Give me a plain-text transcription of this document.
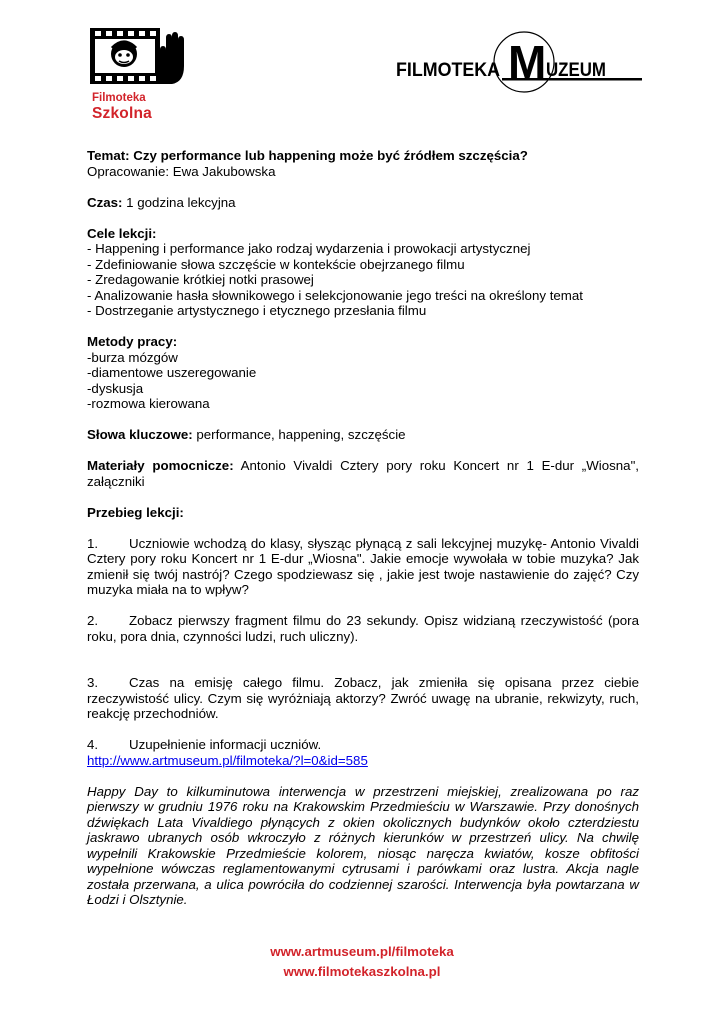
Filmoteka
Szkolna
M
FILMOTEKA UZEUM

Temat: Czy performance lub happening może być źródłem szczęścia?

Opracowanie: Ewa Jakubowska

Czas: 1 godzina lekcyjna

Cele lekcji:

- Happening i performance jako rodzaj wydarzenia i prowokacji artystycznej

- Zdefiniowanie słowa szczęście w kontekście obejrzanego filmu

- Zredagowanie krótkiej notki prasowej

- Analizowanie hasła słownikowego i selekcjonowanie jego treści na określony temat

- Dostrzeganie artystycznego i etycznego przesłania filmu

Metody pracy:

-burza mózgów

-diamentowe uszeregowanie

-dyskusja

-rozmowa kierowana

Słowa kluczowe: performance, happening, szczęście

Materiały pomocnicze: Antonio Vivaldi Cztery pory roku Koncert nr 1 E-dur „Wiosna", załączniki

Przebieg lekcji:

1. Uczniowie wchodzą do klasy, słysząc płynącą z sali lekcyjnej muzykę- Antonio Vivaldi Cztery pory roku Koncert nr 1 E-dur „Wiosna". Jakie emocje wywołała w tobie muzyka? Jak zmienił się twój nastrój? Czego spodziewasz się , jakie jest twoje nastawienie do zajęć? Czy muzyka miała na to wpływ?

2. Zobacz pierwszy fragment filmu do 23 sekundy. Opisz widzianą rzeczywistość (pora roku, pora dnia, czynności ludzi, ruch uliczny).

3. Czas na emisję całego filmu. Zobacz, jak zmieniła się opisana przez ciebie rzeczywistość ulicy. Czym się wyróżniają aktorzy? Zwróć uwagę na ubranie, rekwizyty, ruch, reakcję przechodniów.

4. Uzupełnienie informacji uczniów.

http://www.artmuseum.pl/filmoteka/?l=0&id=585

Happy Day to kilkuminutowa interwencja w przestrzeni miejskiej, zrealizowana po raz pierwszy w grudniu 1976 roku na Krakowskim Przedmieściu w Warszawie. Przy donośnych dźwiękach Lata Vivaldiego płynących z okien okolicznych budynków około czterdziestu jaskrawo ubranych osób wkroczyło z różnych kierunków w przestrzeń ulicy. Na chwilę wypełnili Krakowskie Przedmieście kolorem, niosąc naręcza kwiatów, kosze obfitości wypełnione wówczas reglamentowanymi cytrusami i parówkami oraz lustra. Akcja nagle została przerwana, a ulica powróciła do codziennej szarości. Interwencja była powtarzana w Łodzi i Olsztynie.

www.artmuseum.pl/filmoteka
www.filmotekaszkolna.pl
